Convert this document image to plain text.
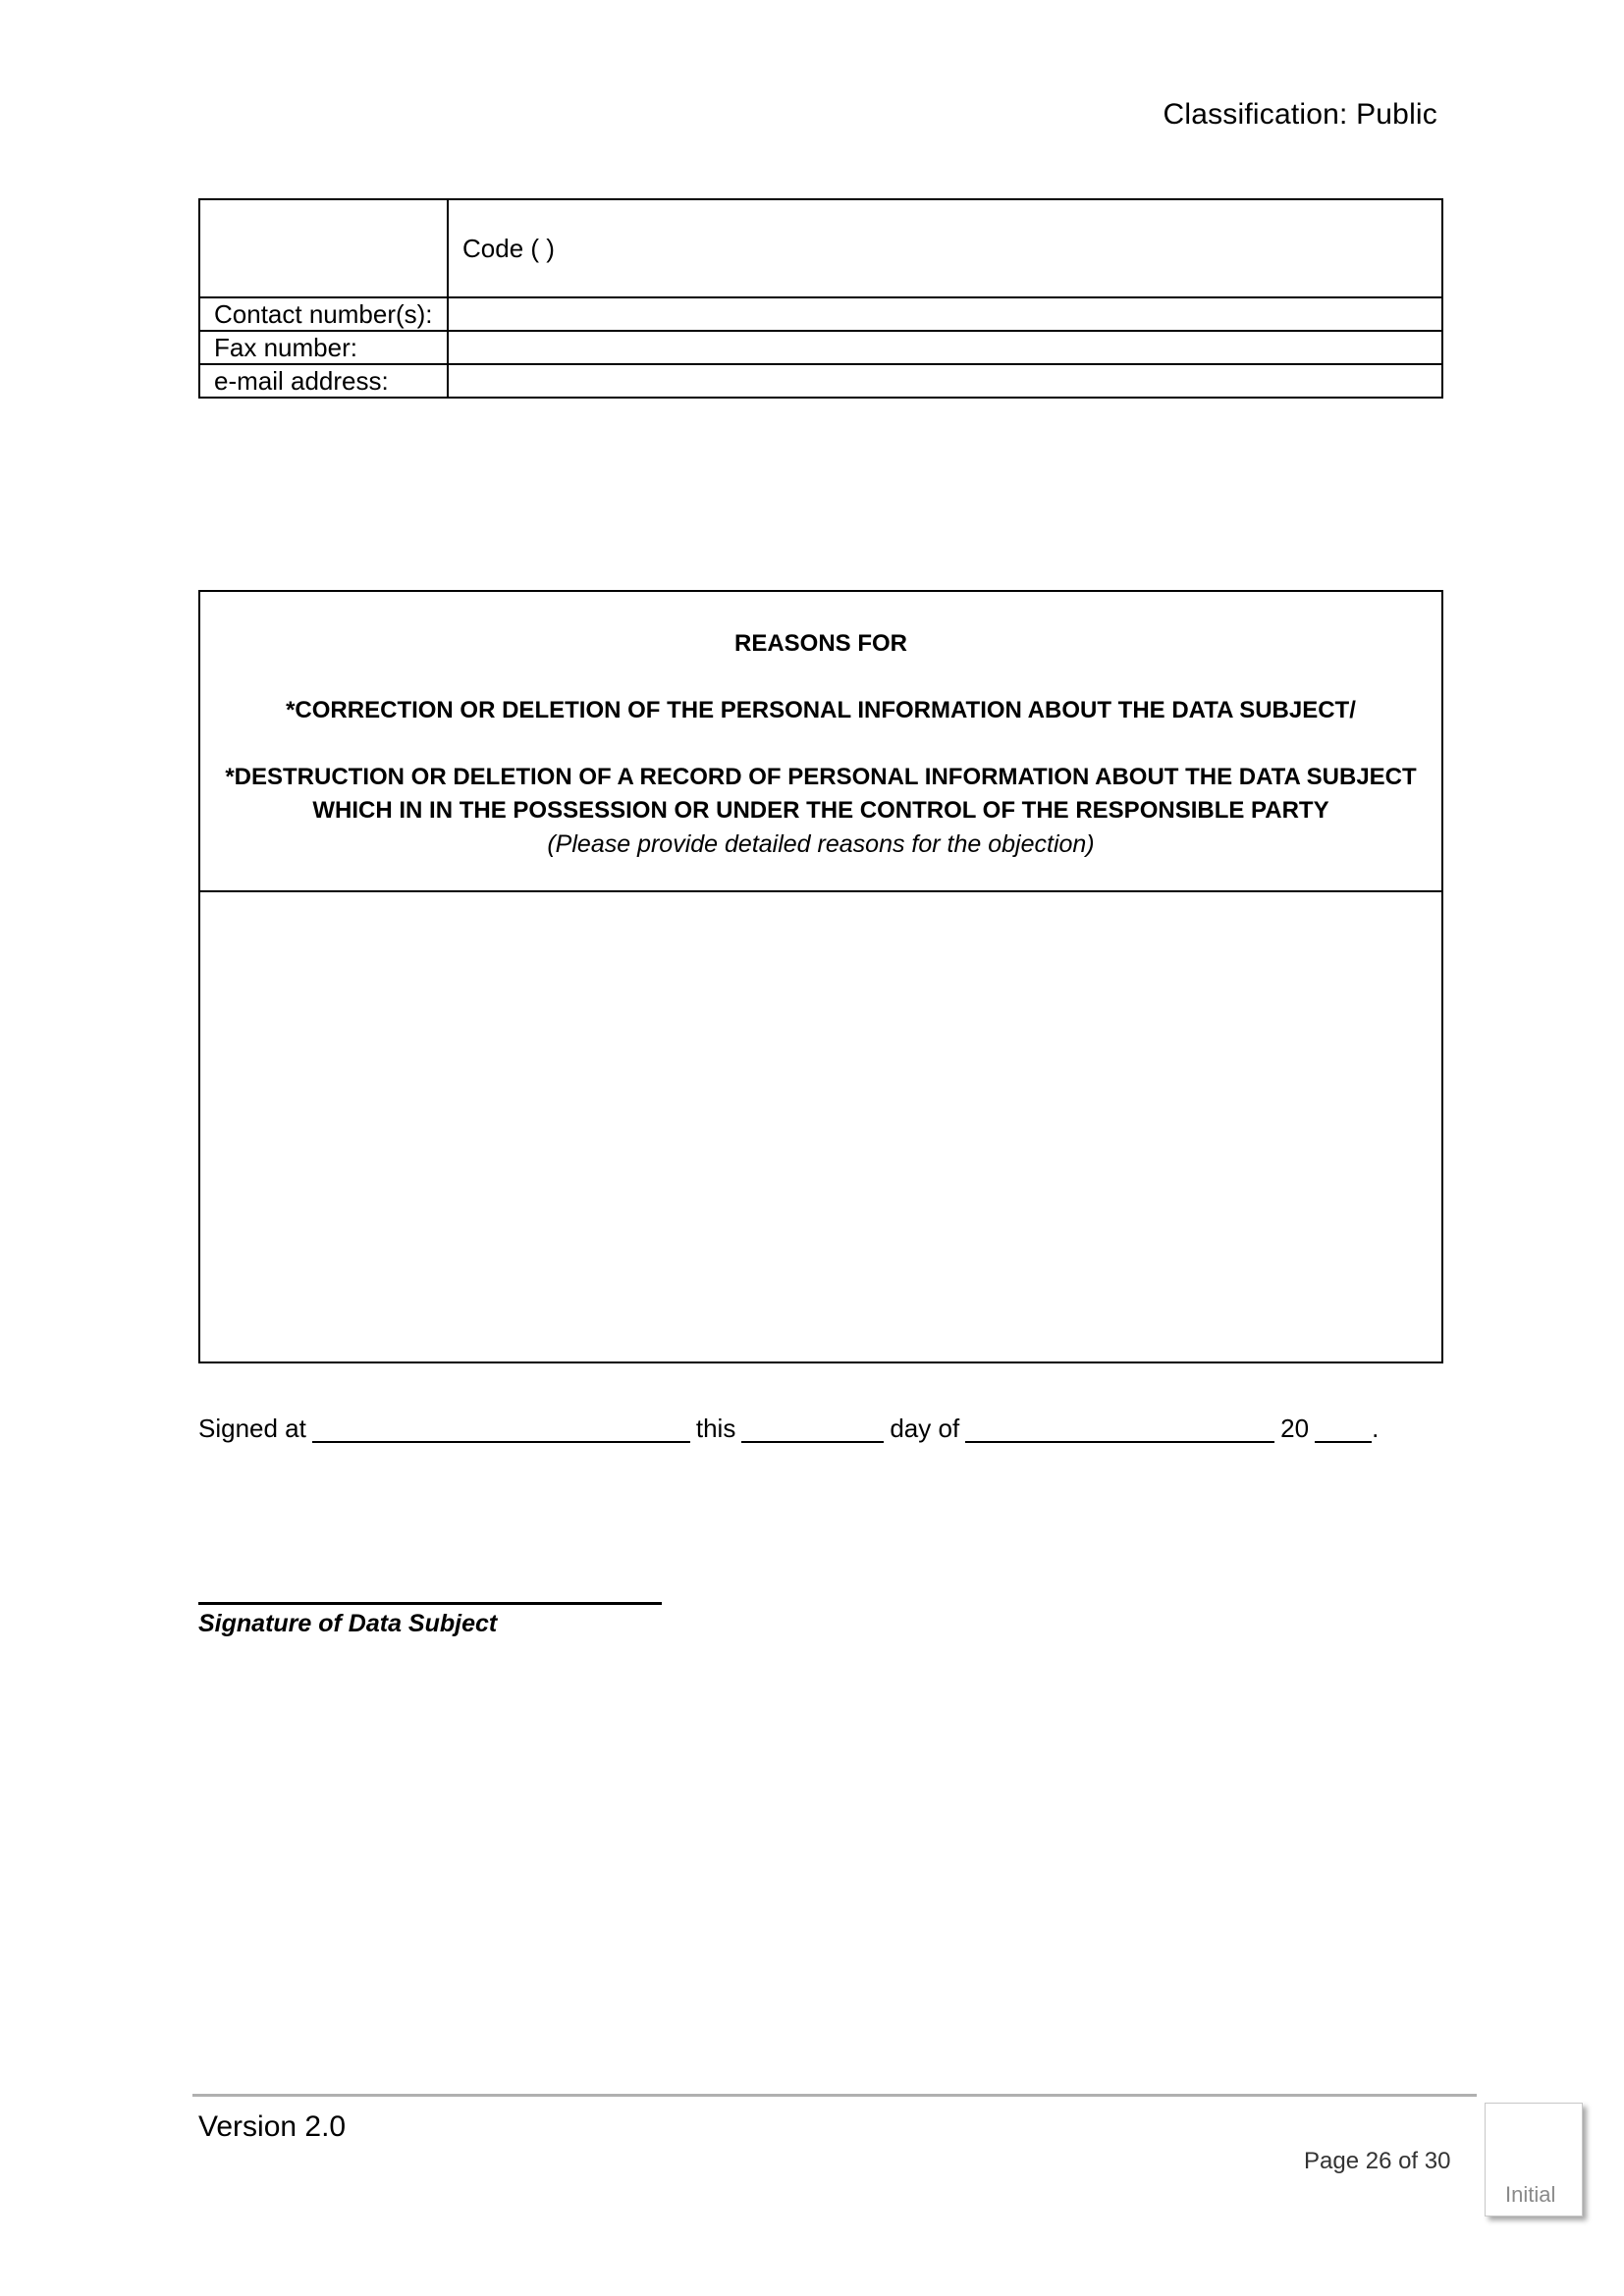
Classification: Public
	Code ( )
Contact number(s):	
Fax number:	
e-mail address:	
REASONS FOR
*CORRECTION OR DELETION OF THE PERSONAL INFORMATION ABOUT THE DATA SUBJECT/
*DESTRUCTION OR DELETION OF A RECORD OF PERSONAL INFORMATION ABOUT THE DATA SUBJECT
WHICH IN IN THE POSSESSION OR UNDER THE CONTROL OF THE RESPONSIBLE PARTY
(Please provide detailed reasons for the objection)
Signed at	this	day of	20 .
Signature of Data Subject
Version 2.0
Page 26 of 30
Initial
